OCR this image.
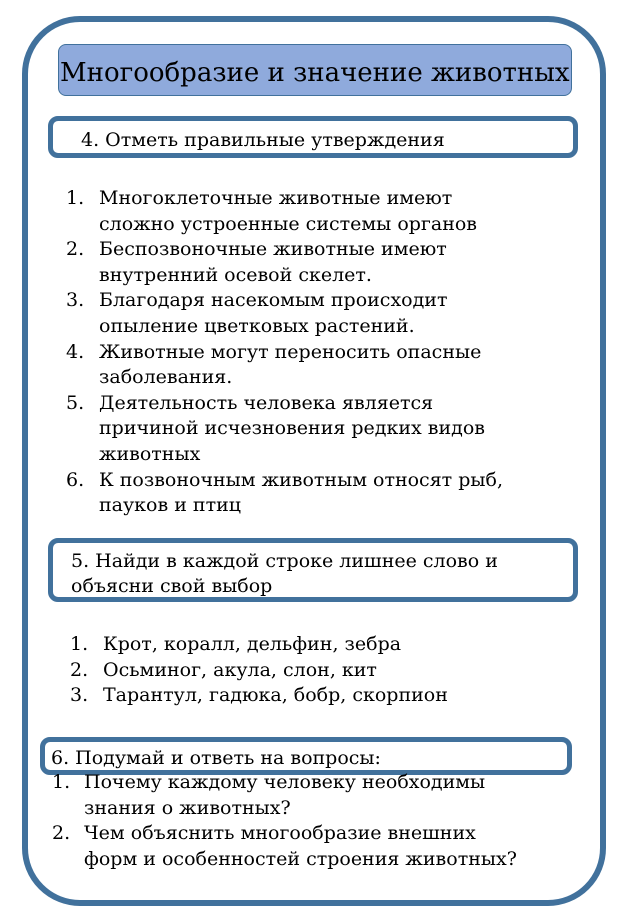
Многообразие и значение животных
4. Отметь правильные утверждения
1. Многоклеточные животные имеют
сложно устроенные системы органов
2. Беспозвоночные животные имеют
внутренний осевой скелет.
3. Благодаря насекомым происходит
опыление цветковых растений.
4. Животные могут переносить опасные
заболевания.
5. Деятельность человека является
причиной исчезновения редких видов
животных
6. К позвоночным животным относят рыб,
пауков и птиц
5. Найди в каждой строке лишнее слово и
объясни свой выбор
1. Крот, коралл, дельфин, зебра
2. Осьминог, акула, слон, кит
3. Тарантул, гадюка, бобр, скорпион
6. Подумай и ответь на вопросы:
1. Почему каждому человеку необходимы
знания о животных?
2. Чем объяснить многообразие внешних
форм и особенностей строения животных?
